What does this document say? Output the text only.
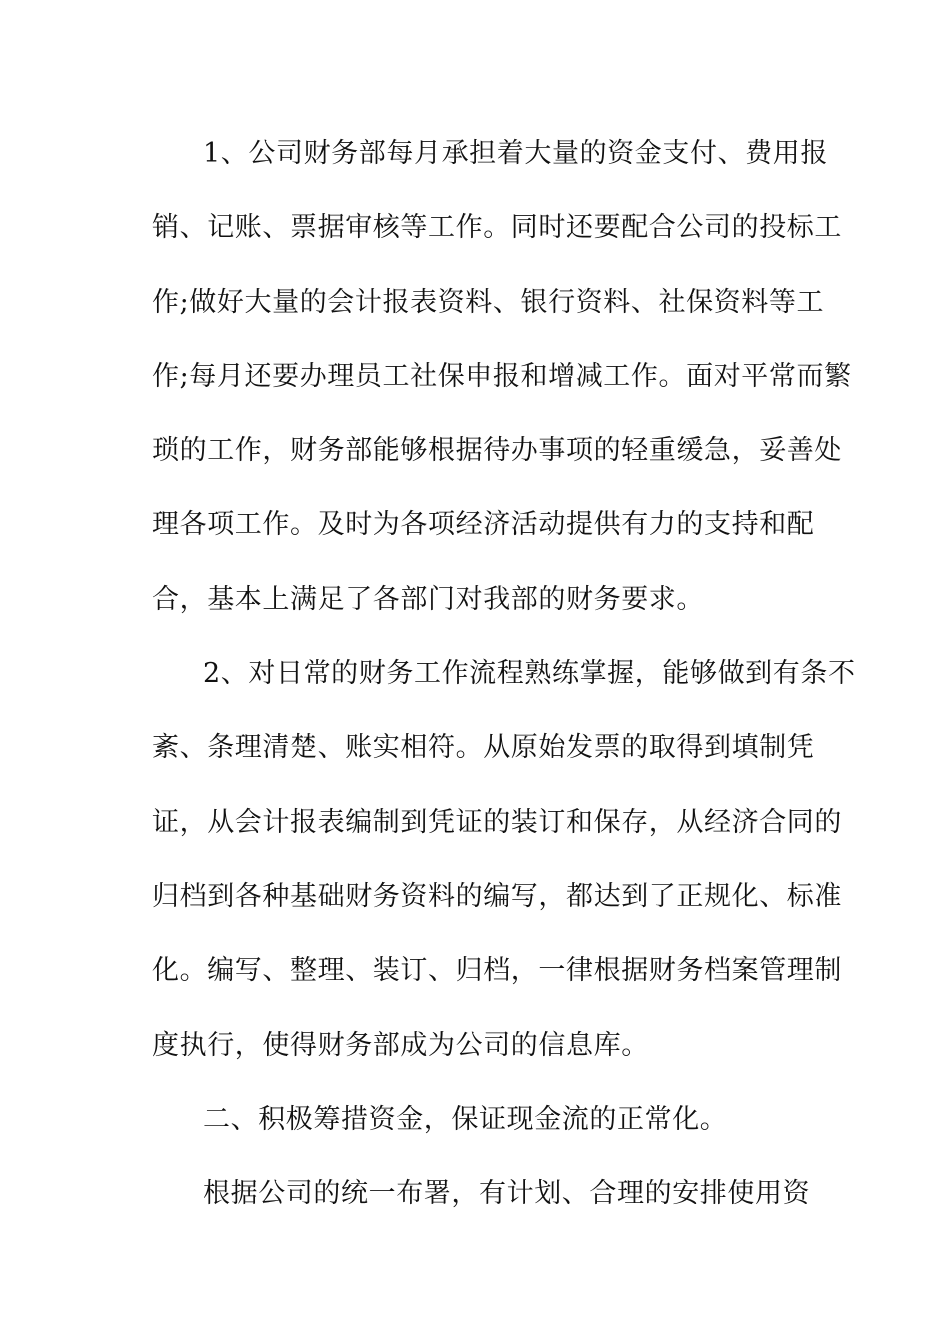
1、公司财务部每月承担着大量的资金支付、费用报
销、记账、票据审核等工作。同时还要配合公司的投标工
作;做好大量的会计报表资料、银行资料、社保资料等工
作;每月还要办理员工社保申报和增减工作。面对平常而繁
琐的工作，财务部能够根据待办事项的轻重缓急，妥善处
理各项工作。及时为各项经济活动提供有力的支持和配
合，基本上满足了各部门对我部的财务要求。
2、对日常的财务工作流程熟练掌握，能够做到有条不
紊、条理清楚、账实相符。从原始发票的取得到填制凭
证，从会计报表编制到凭证的装订和保存，从经济合同的
归档到各种基础财务资料的编写，都达到了正规化、标准
化。编写、整理、装订、归档，一律根据财务档案管理制
度执行，使得财务部成为公司的信息库。
二、积极筹措资金，保证现金流的正常化。
根据公司的统一布署，有计划、合理的安排使用资
